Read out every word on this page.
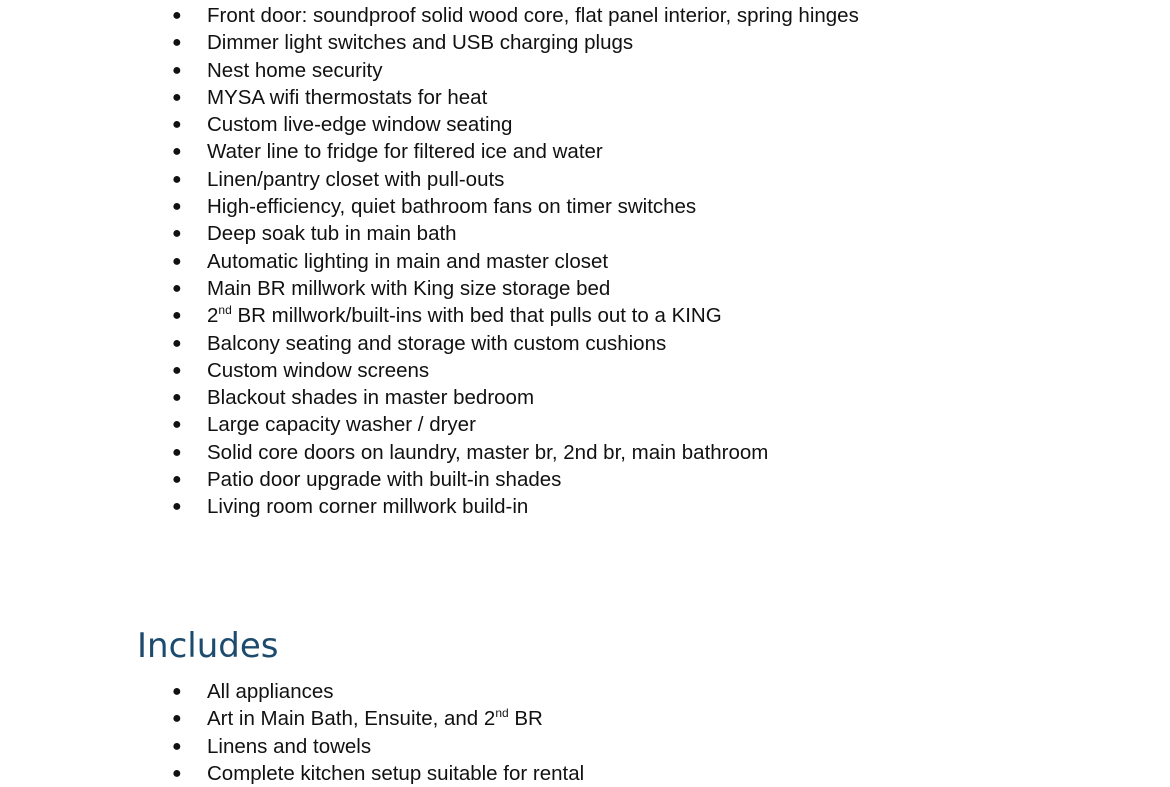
● Front door: soundproof solid wood core, flat panel interior, spring hinges
● Dimmer light switches and USB charging plugs
● Nest home security
● MYSA wifi thermostats for heat
● Custom live-edge window seating
● Water line to fridge for filtered ice and water
● Linen/pantry closet with pull-outs
● High-efficiency, quiet bathroom fans on timer switches
● Deep soak tub in main bath
● Automatic lighting in main and master closet
● Main BR millwork with King size storage bed
● 2nd BR millwork/built-ins with bed that pulls out to a KING
● Balcony seating and storage with custom cushions
● Custom window screens
● Blackout shades in master bedroom
● Large capacity washer / dryer
● Solid core doors on laundry, master br, 2nd br, main bathroom
● Patio door upgrade with built-in shades
● Living room corner millwork build-in
Includes
● All appliances
● Art in Main Bath, Ensuite, and 2nd BR
● Linens and towels
● Complete kitchen setup suitable for rental
